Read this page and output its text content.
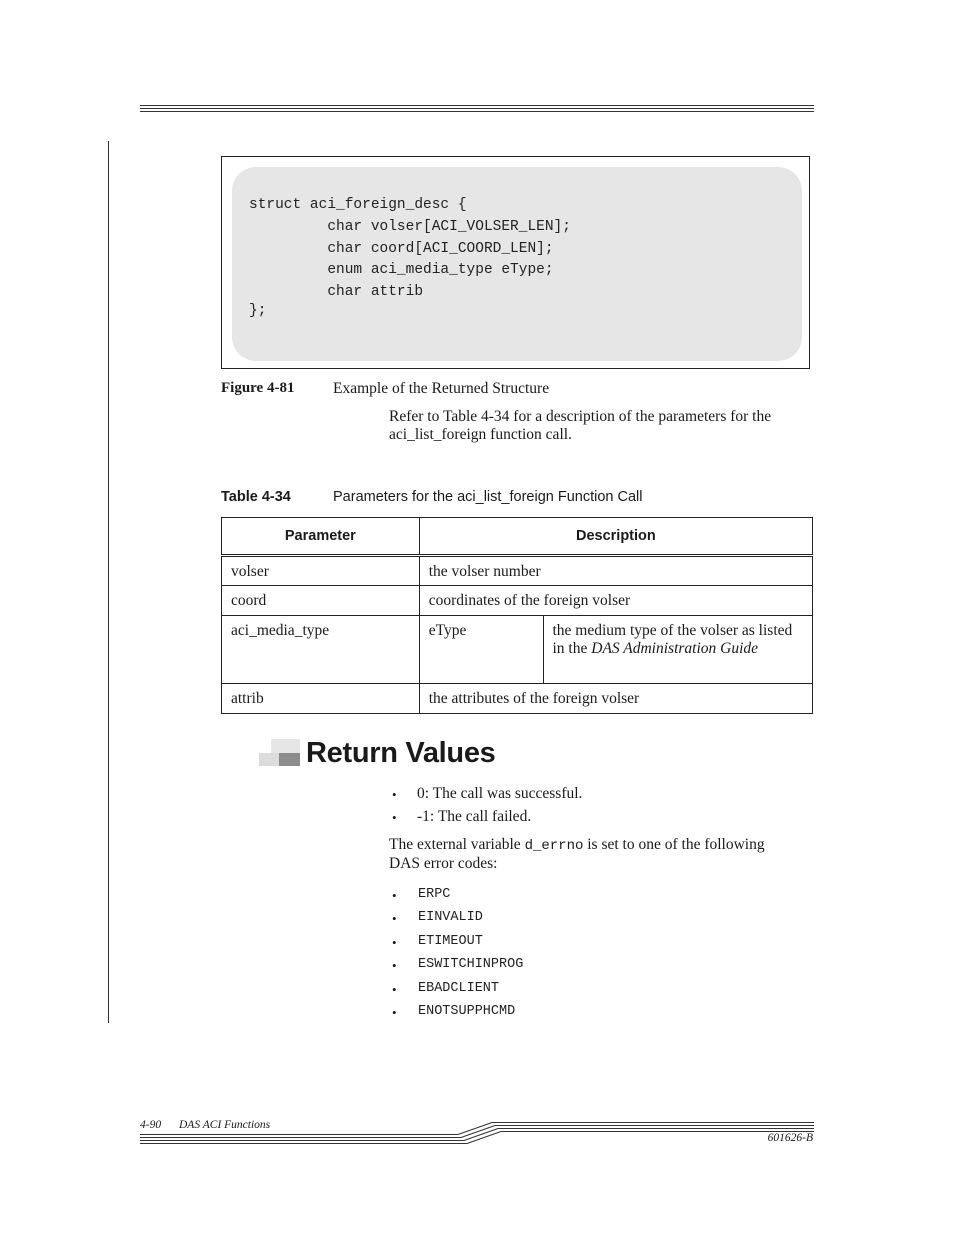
struct aci_foreign_desc {
char volser[ACI_VOLSER_LEN];
char coord[ACI_COORD_LEN];
enum aci_media_type eType;
char attrib
};
Figure 4-81 Example of the Returned Structure
Refer to Table 4-34 for a description of the parameters for the
aci_list_foreign function call.
Table 4-34	Parameters for the aci_list_foreign Function Call
Parameter	Description	
volser	the volser number	
coord	coordinates of the foreign volser	
aci_media_type	eType	the medium type of the volser as listed in the DAS Administration Guide
attrib	the attributes of the foreign volser	
Return Values
• 0: The call was successful.
• -1: The call failed.
The external variable d_errno is set to one of the following
DAS error codes:
• ERPC
• EINVALID
• ETIMEOUT
• ESWITCHINPROG
• EBADCLIENT
• ENOTSUPPHCMD
4-90 DAS ACI Functions
601626-B
